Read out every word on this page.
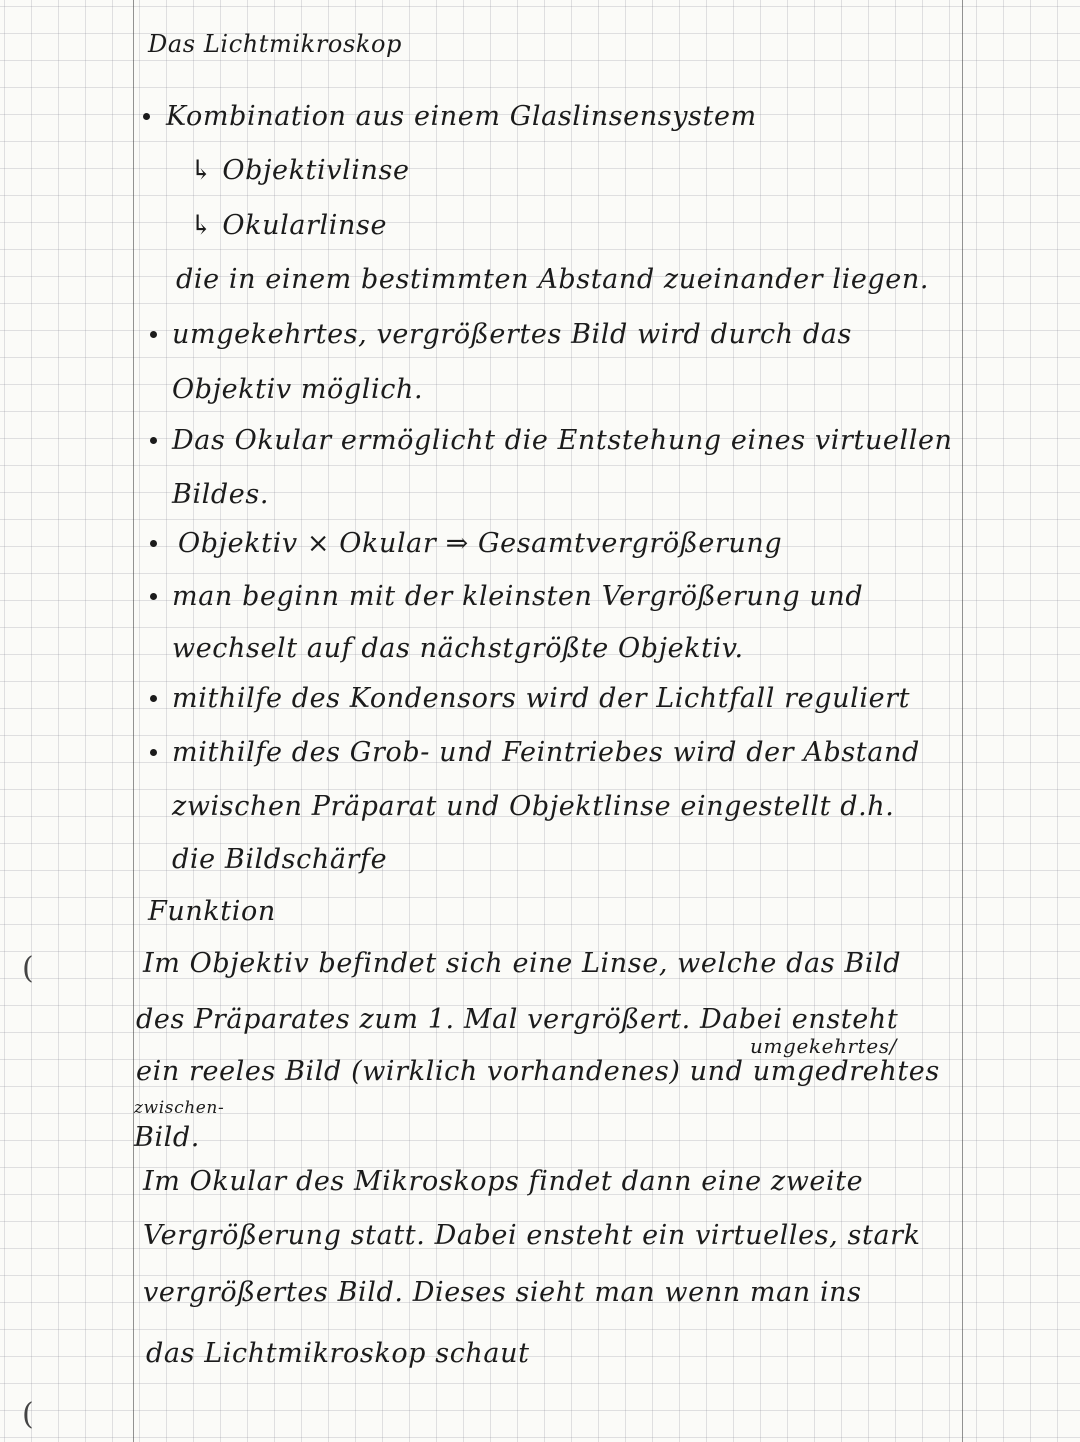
(
(
Das Lichtmikroskop
Kombination aus einem Glaslinsensystem
↳ Objektivlinse
↳ Okularlinse
die in einem bestimmten Abstand zueinander liegen.
umgekehrtes, vergrößertes Bild wird durch das
Objektiv möglich.
Das Okular ermöglicht die Entstehung eines virtuellen
Bildes.
Objektiv × Okular ⇒ Gesamtvergrößerung
man beginn mit der kleinsten Vergrößerung und
wechselt auf das nächstgrößte Objektiv.
mithilfe des Kondensors wird der Lichtfall reguliert
mithilfe des Grob- und Feintriebes wird der Abstand
zwischen Präparat und Objektlinse eingestellt d.h.
die Bildschärfe
Funktion
Im Objektiv befindet sich eine Linse, welche das Bild
des Präparates zum 1. Mal vergrößert. Dabei ensteht
umgekehrtes/
ein reeles Bild (wirklich vorhandenes) und umgedrehtes
zwischen-
Bild.
Im Okular des Mikroskops findet dann eine zweite
Vergrößerung statt. Dabei ensteht ein virtuelles, stark
vergrößertes Bild. Dieses sieht man wenn man ins
das Lichtmikroskop schaut
